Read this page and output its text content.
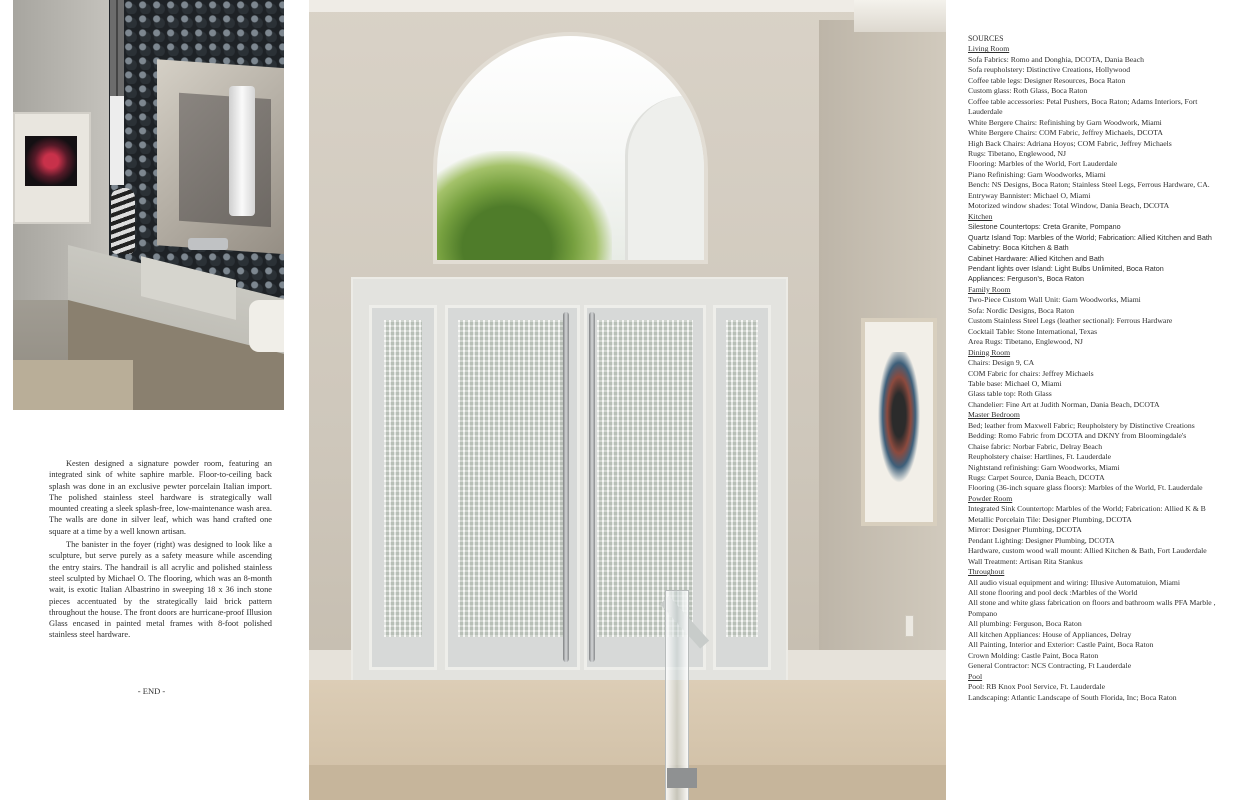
Kesten designed a signature powder room, featuring an integrated sink of white saphire marble. Floor-to-ceiling back splash was done in an exclusive pewter porcelain Italian import. The polished stainless steel hardware is strategically wall mounted creating a sleek splash-free, low-maintenance wash area. The walls are done in silver leaf, which was hand crafted one square at a time by a well known artisan.

The banister in the foyer (right) was designed to look like a sculpture, but serve purely as a safety measure while ascending the entry stairs. The handrail is all acrylic and polished stainless steel sculpted by Michael O. The flooring, which was an 8-month wait, is exotic Italian Albastrino in sweeping 18 x 36 inch stone pieces accentuated by the strategically laid brick pattern throughout the house. The front doors are hurricane-proof Illusion Glass encased in painted metal frames with 8-foot polished stainless steel hardware.

- END -
SOURCES
Living Room
Sofa Fabrics: Romo and Donghia, DCOTA, Dania Beach
Sofa reupholstery: Distinctive Creations, Hollywood
Coffee table legs: Designer Resources, Boca Raton
Custom glass: Roth Glass, Boca Raton
Coffee table accessories: Petal Pushers, Boca Raton; Adams Interiors, Fort Lauderdale
White Bergere Chairs: Refinishing by Garn Woodwork, Miami
White Bergere Chairs: COM Fabric, Jeffrey Michaels, DCOTA
High Back Chairs: Adriana Hoyos; COM Fabric, Jeffrey Michaels
Rugs: Tibetano, Englewood, NJ
Flooring: Marbles of the World, Fort Lauderdale
Piano Refinishing: Garn Woodworks, Miami
Bench: NS Designs, Boca Raton; Stainless Steel Legs, Ferrous Hardware, CA.
Entryway Bannister: Michael O, Miami
Motorized window shades: Total Window, Dania Beach, DCOTA
Kitchen
Silestone Countertops: Creta Granite, Pompano
Quartz Island Top: Marbles of the World; Fabrication: Allied Kitchen and Bath
Cabinetry: Boca Kitchen & Bath
Cabinet Hardware: Allied Kitchen and Bath
Pendant lights over Island: Light Bulbs Unlimited, Boca Raton
Appliances: Ferguson's, Boca Raton
Family Room
Two-Piece Custom Wall Unit: Garn Woodworks, Miami
Sofa: Nordic Designs, Boca Raton
Custom Stainless Steel Legs (leather sectional): Ferrous Hardware
Cocktail Table: Stone International, Texas
Area Rugs: Tibetano, Englewood, NJ
Dining Room
Chairs: Design 9, CA
COM Fabric for chairs: Jeffrey Michaels
Table base: Michael O, Miami
Glass table top: Roth Glass
Chandelier: Fine Art at Judith Norman, Dania Beach, DCOTA
Master Bedroom
Bed; leather from Maxwell Fabric; Reupholstery by Distinctive Creations
Bedding: Romo Fabric from DCOTA and DKNY from Bloomingdale's
Chaise fabric: Norbar Fabric, Delray Beach
Reupholstery chaise: Hartlines, Ft. Lauderdale
Nightstand refinishing: Garn Woodworks, Miami
Rugs: Carpet Source, Dania Beach, DCOTA
Flooring (36-inch square glass floors): Marbles of the World, Ft. Lauderdale
Powder Room
Integrated Sink Countertop: Marbles of the World; Fabrication: Allied K & B
Metallic Porcelain Tile: Designer Plumbing, DCOTA
Mirror: Designer Plumbing, DCOTA
Pendant Lighting: Designer Plumbing, DCOTA
Hardware, custom wood wall mount: Allied Kitchen & Bath, Fort Lauderdale
Wall Treatment: Artisan Rita Stankus
Throughout
All audio visual equipment and wiring: Illusive Automatuion, Miami
All stone flooring and pool deck :Marbles of the World
All stone and white glass fabrication on floors and bathroom walls PFA Marble ,
Pompano
All plumbing: Ferguson, Boca Raton
All kitchen Appliances: House of Appliances, Delray
All Painting, Interior and Exterior: Castle Paint, Boca Raton
Crown Molding: Castle Paint, Boca Raton
General Contractor: NCS Contracting, Ft Lauderdale
Pool
Pool: RB Knox Pool Service, Ft. Lauderdale
Landscaping: Atlantic Landscape of South Florida, Inc; Boca Raton
